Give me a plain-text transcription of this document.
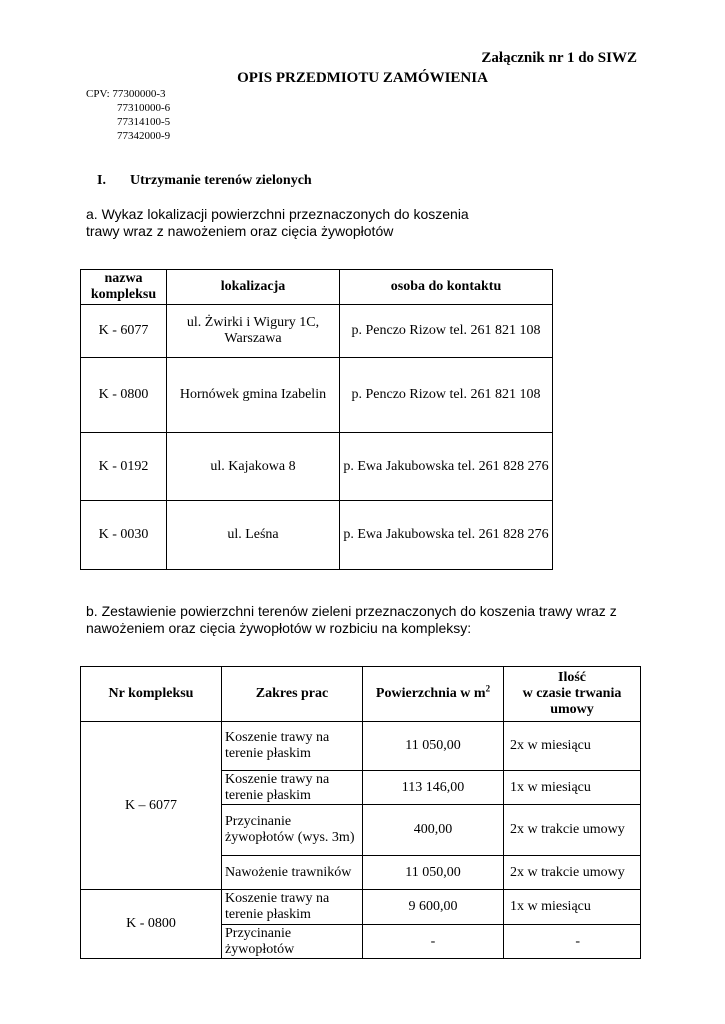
Załącznik nr 1 do SIWZ
OPIS PRZEDMIOTU ZAMÓWIENIA
CPV: 77300000-3
77310000-6
77314100-5
77342000-9
I. Utrzymanie terenów zielonych
a. Wykaz lokalizacji powierzchni przeznaczonych do koszenia trawy wraz z nawożeniem oraz cięcia żywopłotów
nazwa kompleksu	lokalizacja	osoba do kontaktu
K - 6077	ul. Żwirki i Wigury 1C, Warszawa	p. Penczo Rizow tel. 261 821 108
K - 0800	Hornówek gmina Izabelin	p. Penczo Rizow tel. 261 821 108
K - 0192	ul. Kajakowa 8	p. Ewa Jakubowska tel. 261 828 276
K - 0030	ul. Leśna	p. Ewa Jakubowska tel. 261 828 276
b. Zestawienie powierzchni terenów zieleni przeznaczonych do koszenia trawy wraz z nawożeniem oraz cięcia żywopłotów w rozbiciu na kompleksy:
Nr kompleksu	Zakres prac	Powierzchnia w $m^2$	Ilość
w czasie trwania umowy
K – 6077	Koszenie trawy na terenie płaskim	11 050,00	2x w miesiącu
	Koszenie trawy na terenie płaskim	113 146,00	1x w miesiącu
	Przycinanie żywopłotów (wys. 3m)	400,00	2x w trakcie umowy
	Nawożenie trawników	11 050,00	2x w trakcie umowy
K - 0800	Koszenie trawy na terenie płaskim	9 600,00	1x w miesiącu
	Przycinanie żywopłotów	-	-
